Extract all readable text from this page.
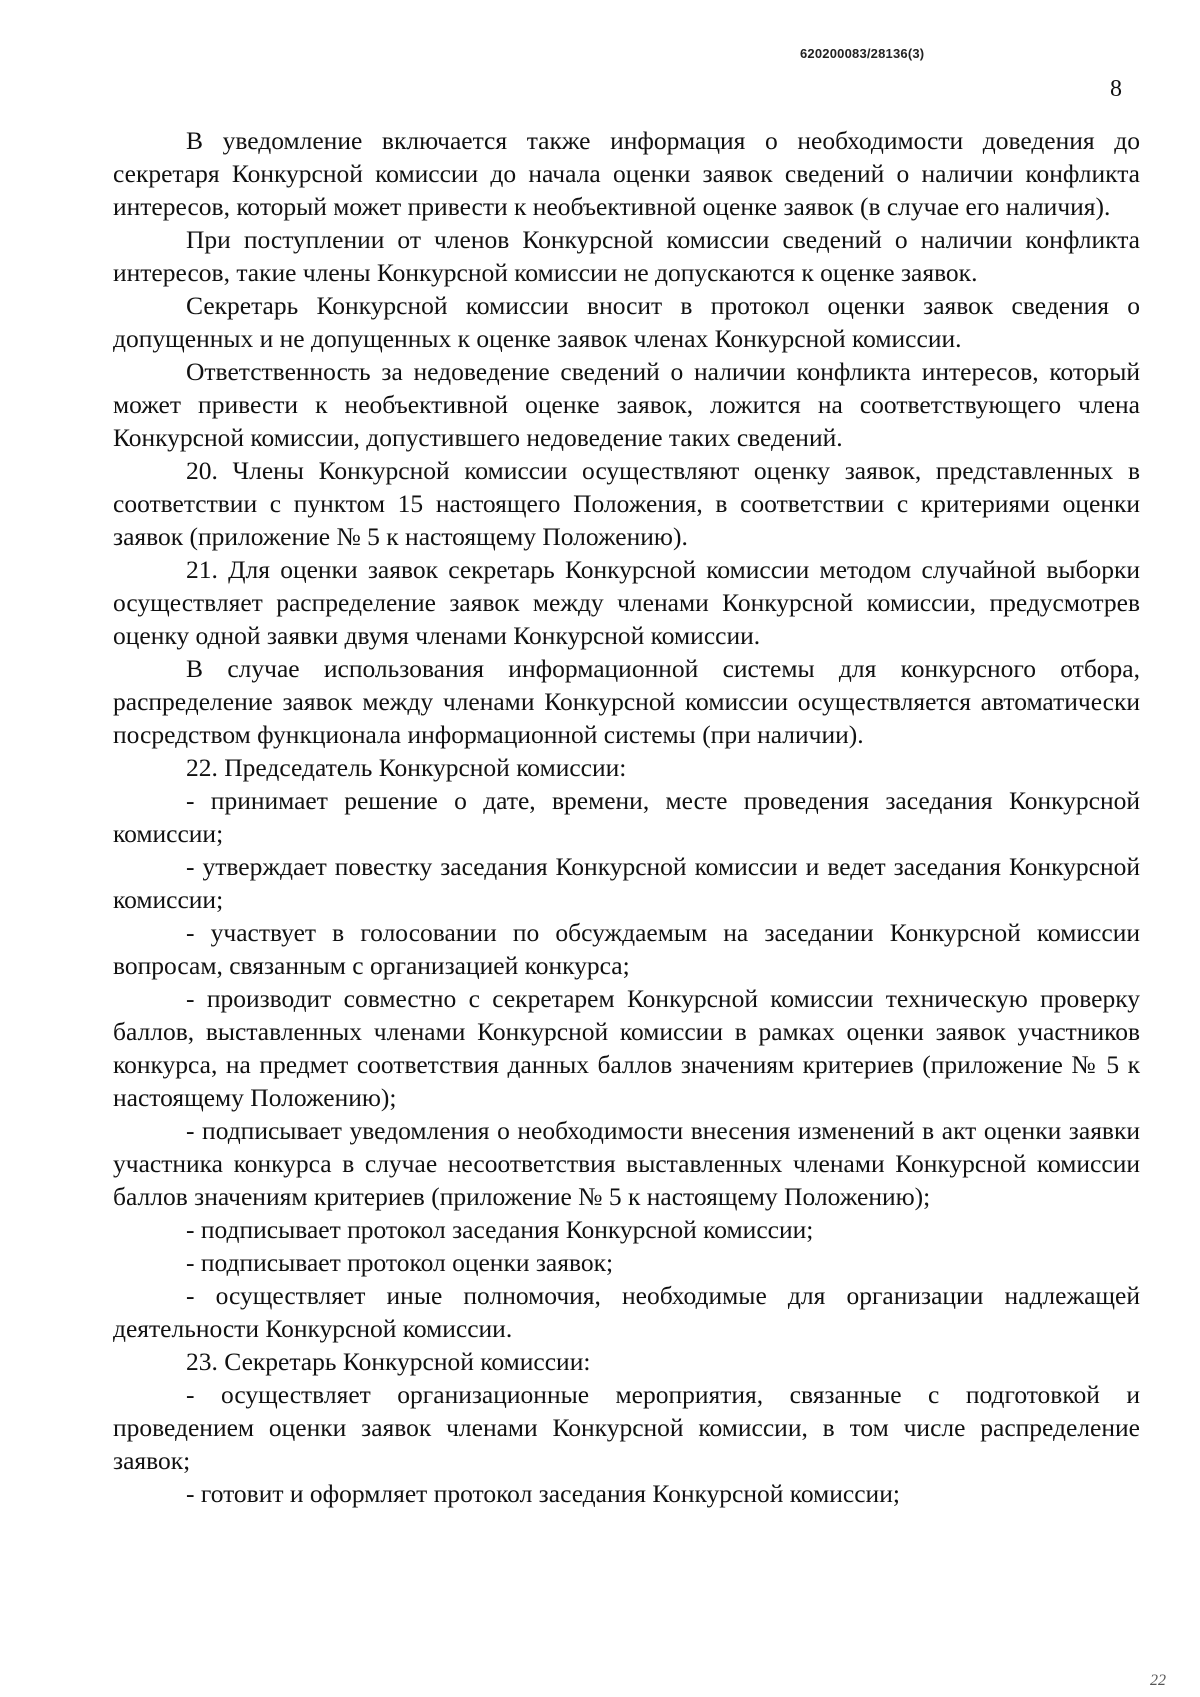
620200083/28136(3)
8

В уведомление включается также информация о необходимости доведения до секретаря Конкурсной комиссии до начала оценки заявок сведений о наличии конфликта интересов, который может привести к необъективной оценке заявок (в случае его наличия).

При поступлении от членов Конкурсной комиссии сведений о наличии конфликта интересов, такие члены Конкурсной комиссии не допускаются к оценке заявок.

Секретарь Конкурсной комиссии вносит в протокол оценки заявок сведения о допущенных и не допущенных к оценке заявок членах Конкурсной комиссии.

Ответственность за недоведение сведений о наличии конфликта интересов, который может привести к необъективной оценке заявок, ложится на соответствующего члена Конкурсной комиссии, допустившего недоведение таких сведений.

20. Члены Конкурсной комиссии осуществляют оценку заявок, представленных в соответствии с пунктом 15 настоящего Положения, в соответствии с критериями оценки заявок (приложение № 5 к настоящему Положению).

21. Для оценки заявок секретарь Конкурсной комиссии методом случайной выборки осуществляет распределение заявок между членами Конкурсной комиссии, предусмотрев оценку одной заявки двумя членами Конкурсной комиссии.

В случае использования информационной системы для конкурсного отбора, распределение заявок между членами Конкурсной комиссии осуществляется автоматически посредством функционала информационной системы (при наличии).

22. Председатель Конкурсной комиссии:

- принимает решение о дате, времени, месте проведения заседания Конкурсной комиссии;

- утверждает повестку заседания Конкурсной комиссии и ведет заседания Конкурсной комиссии;

- участвует в голосовании по обсуждаемым на заседании Конкурсной комиссии вопросам, связанным с организацией конкурса;

- производит совместно с секретарем Конкурсной комиссии техническую проверку баллов, выставленных членами Конкурсной комиссии в рамках оценки заявок участников конкурса, на предмет соответствия данных баллов значениям критериев (приложение № 5 к настоящему Положению);

- подписывает уведомления о необходимости внесения изменений в акт оценки заявки участника конкурса в случае несоответствия выставленных членами Конкурсной комиссии баллов значениям критериев (приложение № 5 к настоящему Положению);

- подписывает протокол заседания Конкурсной комиссии;

- подписывает протокол оценки заявок;

- осуществляет иные полномочия, необходимые для организации надлежащей деятельности Конкурсной комиссии.

23. Секретарь Конкурсной комиссии:

- осуществляет организационные мероприятия, связанные с подготовкой и проведением оценки заявок членами Конкурсной комиссии, в том числе распределение заявок;

- готовит и оформляет протокол заседания Конкурсной комиссии;

22
